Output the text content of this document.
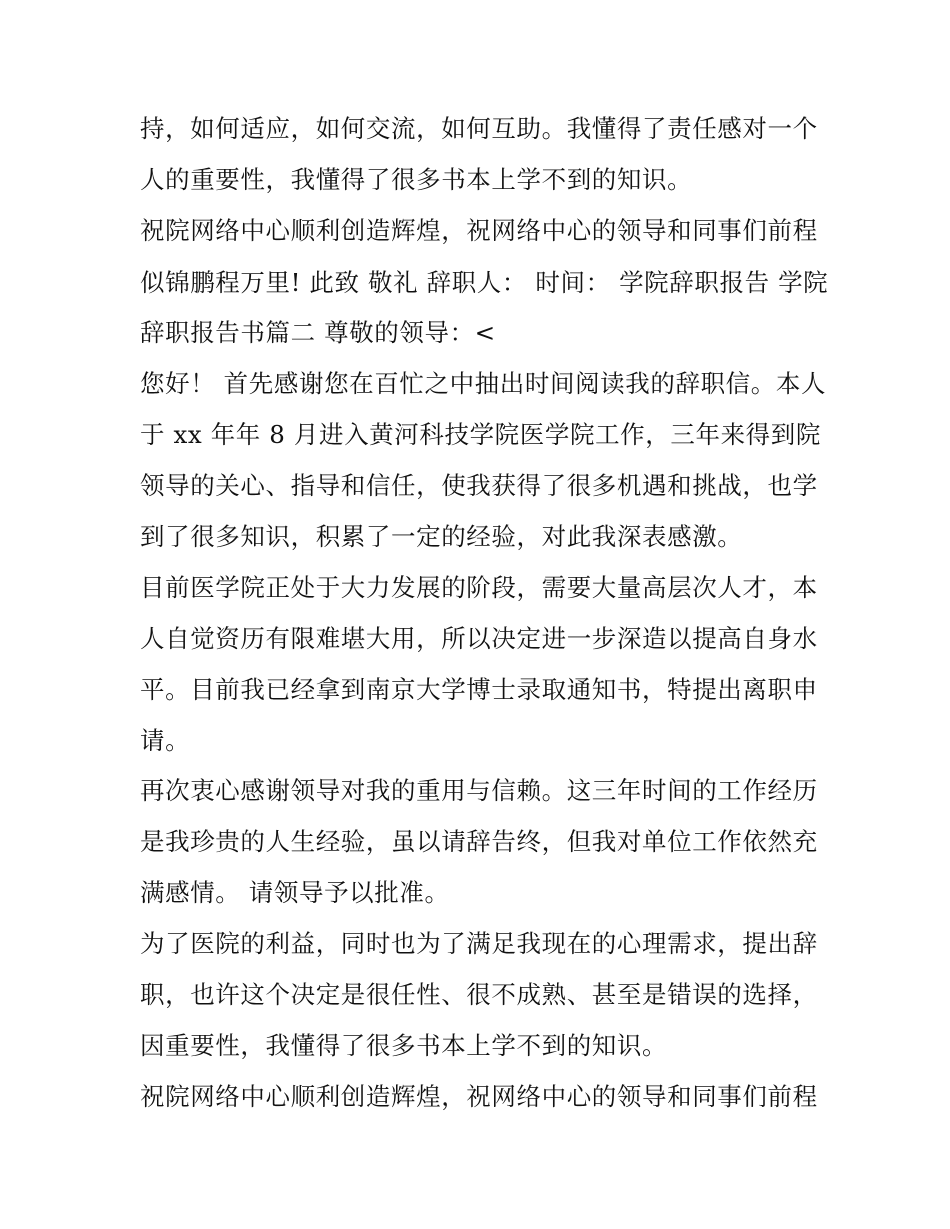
持，如何适应，如何交流，如何互助。我懂得了责任感对一个
人的重要性，我懂得了很多书本上学不到的知识。
祝院网络中心顺利创造辉煌，祝网络中心的领导和同事们前程
似锦鹏程万里! 此致 敬礼 辞职人： 时间： 学院辞职报告 学院
辞职报告书篇二 尊敬的领导：<
您好！ 首先感谢您在百忙之中抽出时间阅读我的辞职信。本人
于 xx 年年 8 月进入黄河科技学院医学院工作，三年来得到院
领导的关心、指导和信任，使我获得了很多机遇和挑战，也学
到了很多知识，积累了一定的经验，对此我深表感激。
目前医学院正处于大力发展的阶段，需要大量高层次人才，本
人自觉资历有限难堪大用，所以决定进一步深造以提高自身水
平。目前我已经拿到南京大学博士录取通知书，特提出离职申
请。
再次衷心感谢领导对我的重用与信赖。这三年时间的工作经历
是我珍贵的人生经验，虽以请辞告终，但我对单位工作依然充
满感情。 请领导予以批准。
为了医院的利益，同时也为了满足我现在的心理需求，提出辞
职，也许这个决定是很任性、很不成熟、甚至是错误的选择，
因重要性，我懂得了很多书本上学不到的知识。
祝院网络中心顺利创造辉煌，祝网络中心的领导和同事们前程
